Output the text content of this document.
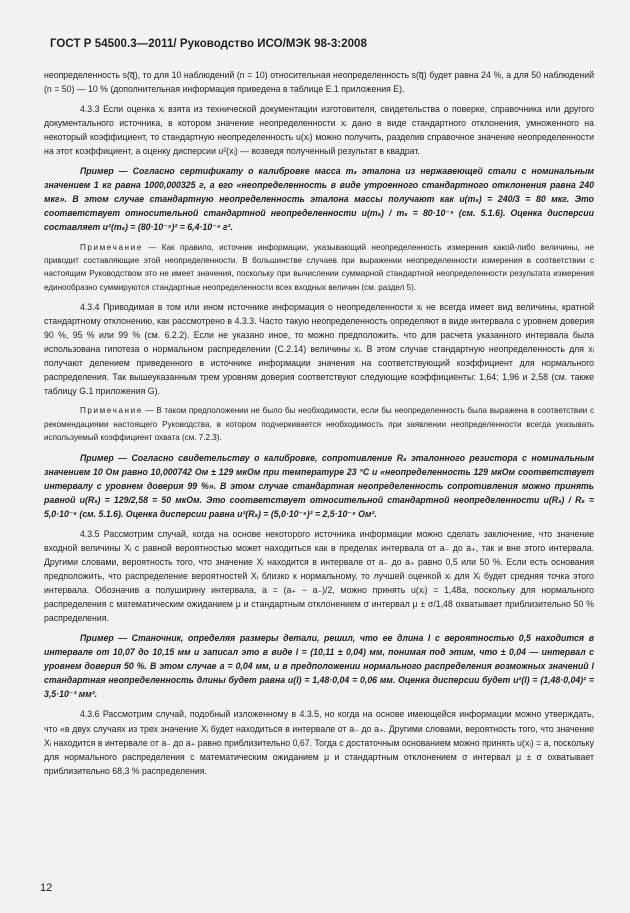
ГОСТ Р 54500.3—2011/ Руководство ИСО/МЭК 98-3:2008

неопределенность s(q̅), то для 10 наблюдений (n = 10) относительная неопределенность s(q̅) будет равна 24 %, а для 50 наблюдений (n = 50) — 10 % (дополнительная информация приведена в таблице Е.1 приложения Е).

4.3.3 Если оценка xᵢ взята из технической документации изготовителя, свидетельства о поверке, справочника или другого документального источника, в котором значение неопределенности xᵢ дано в виде стандартного отклонения, умноженного на некоторый коэффициент, то стандартную неопределенность u(xᵢ) можно получить, разделив справочное значение неопределенности на этот коэффициент, а оценку дисперсии u²(xᵢ) — возведя полученный результат в квадрат.

Пример — Согласно сертификату о калибровке масса mₛ эталона из нержавеющей стали с номинальным значением 1 кг равна 1000,000325 г, а его «неопределенность в виде утроенного стандартного отклонения равна 240 мкг». В этом случае стандартную неопределенность эталона массы получают как u(mₛ) = 240/3 = 80 мкг. Это соответствует относительной стандартной неопределенности u(mₛ) / mₛ = 80·10⁻⁹ (см. 5.1.6). Оценка дисперсии составляет u²(mₛ) = (80·10⁻⁹)² = 6,4·10⁻⁹ г².

Примечание — Как правило, источник информации, указывающий неопределенность измерения какой-либо величины, не приводит составляющие этой неопределенности. В большинстве случаев при выражении неопределенности измерения в соответствии с настоящим Руководством это не имеет значения, поскольку при вычислении суммарной стандартной неопределенности результата измерения единообразно суммируются стандартные неопределенности всех входных величин (см. раздел 5).

4.3.4 Приводимая в том или ином источнике информация о неопределенности xᵢ не всегда имеет вид величины, кратной стандартному отклонению, как рассмотрено в 4.3.3. Часто такую неопределенность определяют в виде интервала с уровнем доверия 90 %, 95 % или 99 % (см. 6.2.2). Если не указано иное, то можно предположить, что для расчета указанного интервала была использована гипотеза о нормальном распределении (С.2.14) величины xᵢ. В этом случае стандартную неопределенность для xᵢ получают делением приведенного в источнике информации значения на соответствующий коэффициент для нормального распределения. Так вышеуказанным трем уровням доверия соответствуют следующие коэффициенты: 1,64; 1,96 и 2,58 (см. также таблицу G.1 приложения G).

Примечание — В таком предположении не было бы необходимости, если бы неопределенность была выражена в соответствии с рекомендациями настоящего Руководства, в котором подчеркивается необходимость при заявлении неопределенности всегда указывать используемый коэффициент охвата (см. 7.2.3).

Пример — Согласно свидетельству о калибровке, сопротивление Rₛ эталонного резистора с номинальным значением 10 Ом равно 10,000742 Ом ± 129 мкОм при температуре 23 °С и «неопределенность 129 мкОм соответствует интервалу с уровнем доверия 99 %». В этом случае стандартная неопределенность сопротивления можно принять равной u(Rₛ) = 129/2,58 = 50 мкОм. Это соответствует относительной стандартной неопределенности u(Rₛ) / Rₛ = 5,0·10⁻⁶ (см. 5.1.6). Оценка дисперсии равна u²(Rₛ) = (5,0·10⁻⁶)² = 2,5·10⁻⁹ Ом².

4.3.5 Рассмотрим случай, когда на основе некоторого источника информации можно сделать заключение, что значение входной величины Xᵢ с равной вероятностью может находиться как в пределах интервала от a₋ до a₊, так и вне этого интервала. Другими словами, вероятность того, что значение Xᵢ находится в интервале от a₋ до a₊ равно 0,5 или 50 %. Если есть основания предположить, что распределение вероятностей Xᵢ близко к нормальному, то лучшей оценкой xᵢ для Xᵢ будет средняя точка этого интервала. Обозначив a полуширину интервала, a = (a₊ − a₋)/2, можно принять u(xᵢ) = 1,48a, поскольку для нормального распределения с математическим ожиданием μ и стандартным отклонением σ интервал μ ± σ/1,48 охватывает приблизительно 50 % распределения.

Пример — Станочник, определяя размеры детали, решил, что ее длина l с вероятностью 0,5 находится в интервале от 10,07 до 10,15 мм и записал это в виде l = (10,11 ± 0,04) мм, понимая под этим, что ± 0,04 — интервал с уровнем доверия 50 %. В этом случае a = 0,04 мм, и в предположении нормального распределения возможных значений l стандартная неопределенность длины будет равна u(l) = 1,48·0,04 = 0,06 мм. Оценка дисперсии будет u²(l) = (1,48·0,04)² = 3,5·10⁻³ мм².

4.3.6 Рассмотрим случай, подобный изложенному в 4.3.5, но когда на основе имеющейся информации можно утверждать, что «в двух случаях из трех значение Xᵢ будет находиться в интервале от a₋ до a₊. Другими словами, вероятность того, что значение Xᵢ находится в интервале от a₋ до a₊ равно приблизительно 0,67. Тогда с достаточным основанием можно принять u(xᵢ) = a, поскольку для нормального распределения с математическим ожиданием μ и стандартным отклонением σ интервал μ ± σ охватывает приблизительно 68,3 % распределения.

12
